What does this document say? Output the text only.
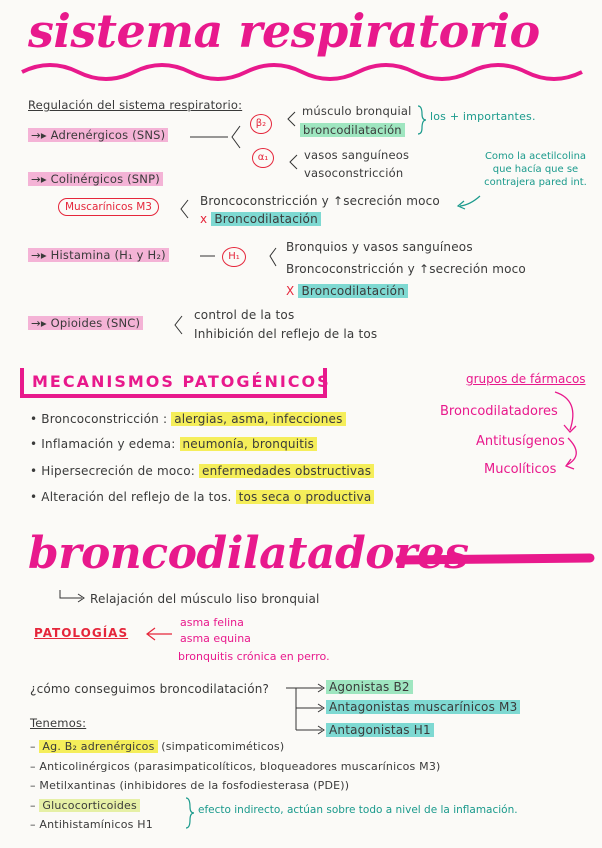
sistema respiratorio
Regulación del sistema respiratorio:
→▸ Adrenérgicos (SNS)
β₂
α₁
músculo bronquial
broncodilatación
los + importantes.
vasos sanguíneos
vasoconstricción
Como la acetilcolina que hacía que se contrajera pared int.
→▸ Colinérgicos (SNP)
Muscarínicos M3	Broncoconstricción y ↑secreción moco
x Broncodilatación
→▸ Histamina (H₁ y H₂)	H₁
Bronquios y vasos sanguíneos
Broncoconstricción y ↑secreción moco
X Broncodilatación
→▸ Opioides (SNC)
control de la tos
Inhibición del reflejo de la tos
MECANISMOS PATOGÉNICOS
• Broncoconstricción : alergias, asma, infecciones
• Inflamación y edema: neumonía, bronquitis
• Hipersecreción de moco: enfermedades obstructivas
• Alteración del reflejo de la tos. tos seca o productiva
grupos de fármacos
Broncodilatadores
Antitusígenos
Mucolíticos
broncodilatadores
Relajación del músculo liso bronquial
PATOLOGÍAS
asma felina
asma equina
bronquitis crónica en perro.
¿cómo conseguimos broncodilatación?	Agonistas B2
Antagonistas muscarínicos M3
Antagonistas H1
Tenemos:
– Ag. B₂ adrenérgicos (simpaticomiméticos)
– Anticolinérgicos (parasimpaticolíticos, bloqueadores muscarínicos M3)
– Metilxantinas (inhibidores de la fosfodiesterasa (PDE))
– Glucocorticoides
– Antihistamínicos H1
efecto indirecto, actúan sobre todo a nivel de la inflamación.
